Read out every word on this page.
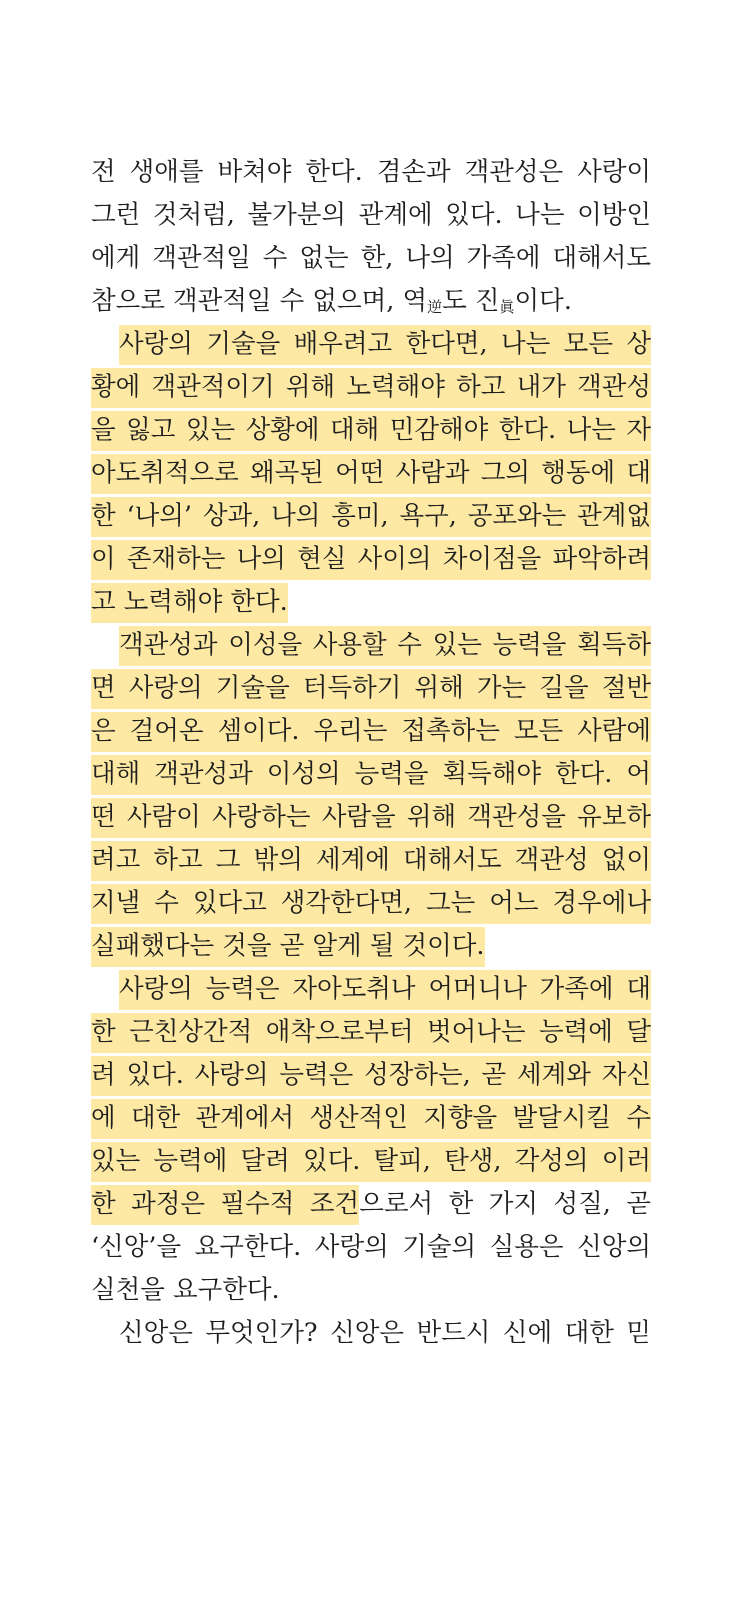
전 생애를 바쳐야 한다. 겸손과 객관성은 사랑이
그런 것처럼, 불가분의 관계에 있다. 나는 이방인
에게 객관적일 수 없는 한, 나의 가족에 대해서도
참으로 객관적일 수 없으며, 역逆도 진眞이다.
사랑의 기술을 배우려고 한다면, 나는 모든 상
황에 객관적이기 위해 노력해야 하고 내가 객관성
을 잃고 있는 상황에 대해 민감해야 한다. 나는 자
아도취적으로 왜곡된 어떤 사람과 그의 행동에 대
한 ‘나의’ 상과, 나의 흥미, 욕구, 공포와는 관계없
이 존재하는 나의 현실 사이의 차이점을 파악하려
고 노력해야 한다.
객관성과 이성을 사용할 수 있는 능력을 획득하
면 사랑의 기술을 터득하기 위해 가는 길을 절반
은 걸어온 셈이다. 우리는 접촉하는 모든 사람에
대해 객관성과 이성의 능력을 획득해야 한다. 어
떤 사람이 사랑하는 사람을 위해 객관성을 유보하
려고 하고 그 밖의 세계에 대해서도 객관성 없이
지낼 수 있다고 생각한다면, 그는 어느 경우에나
실패했다는 것을 곧 알게 될 것이다.
사랑의 능력은 자아도취나 어머니나 가족에 대
한 근친상간적 애착으로부터 벗어나는 능력에 달
려 있다. 사랑의 능력은 성장하는, 곧 세계와 자신
에 대한 관계에서 생산적인 지향을 발달시킬 수
있는 능력에 달려 있다. 탈피, 탄생, 각성의 이러
한 과정은 필수적 조건으로서 한 가지 성질, 곧
‘신앙’을 요구한다. 사랑의 기술의 실용은 신앙의
실천을 요구한다.
신앙은 무엇인가? 신앙은 반드시 신에 대한 믿
